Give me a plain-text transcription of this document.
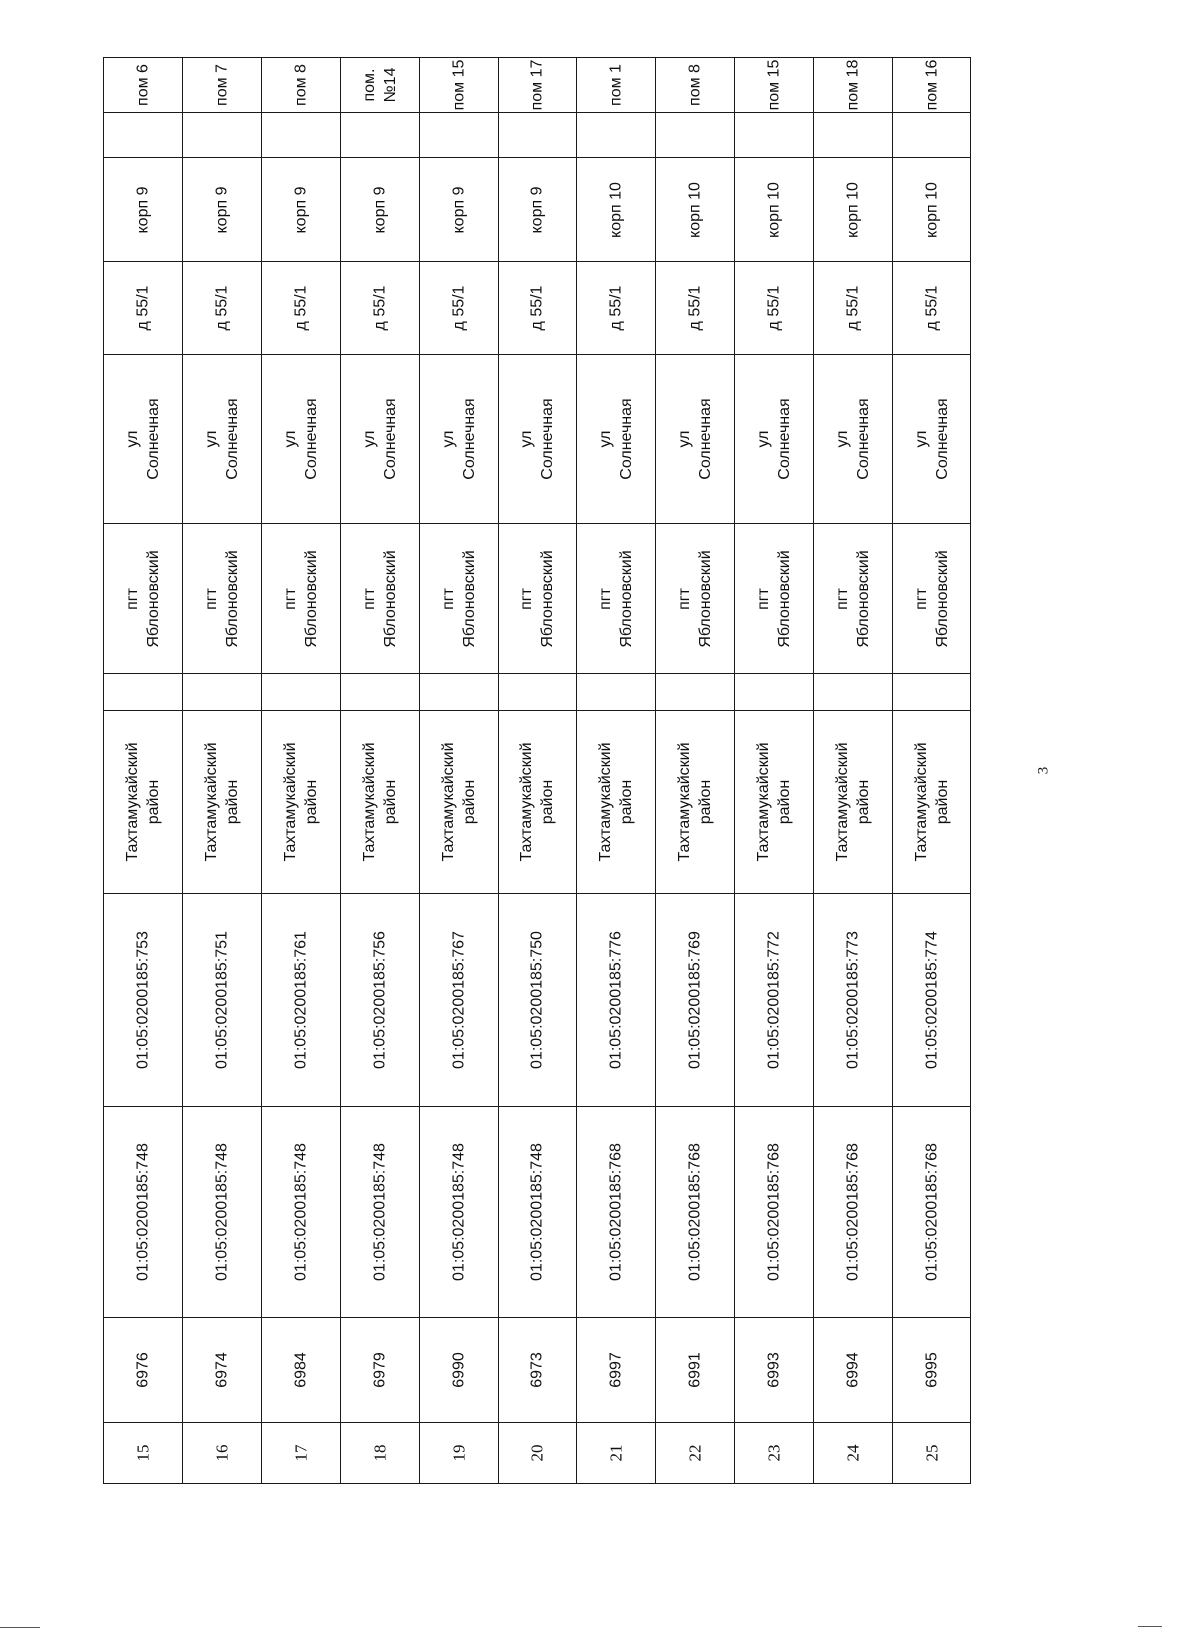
15
6976
01:05:0200185:748
01:05:0200185:753
Тахтамукайский район
пгт Яблоновский
ул Солнечная
д 55/1
корп 9
пом 6
16
6974
01:05:0200185:748
01:05:0200185:751
Тахтамукайский район
пгт Яблоновский
ул Солнечная
д 55/1
корп 9
пом 7
17
6984
01:05:0200185:748
01:05:0200185:761
Тахтамукайский район
пгт Яблоновский
ул Солнечная
д 55/1
корп 9
пом 8
18
6979
01:05:0200185:748
01:05:0200185:756
Тахтамукайский район
пгт Яблоновский
ул Солнечная
д 55/1
корп 9
пом. №14
19
6990
01:05:0200185:748
01:05:0200185:767
Тахтамукайский район
пгт Яблоновский
ул Солнечная
д 55/1
корп 9
пом 15
20
6973
01:05:0200185:748
01:05:0200185:750
Тахтамукайский район
пгт Яблоновский
ул Солнечная
д 55/1
корп 9
пом 17
21
6997
01:05:0200185:768
01:05:0200185:776
Тахтамукайский район
пгт Яблоновский
ул Солнечная
д 55/1
корп 10
пом 1
22
6991
01:05:0200185:768
01:05:0200185:769
Тахтамукайский район
пгт Яблоновский
ул Солнечная
д 55/1
корп 10
пом 8
23
6993
01:05:0200185:768
01:05:0200185:772
Тахтамукайский район
пгт Яблоновский
ул Солнечная
д 55/1
корп 10
пом 15
24
6994
01:05:0200185:768
01:05:0200185:773
Тахтамукайский район
пгт Яблоновский
ул Солнечная
д 55/1
корп 10
пом 18
25
6995
01:05:0200185:768
01:05:0200185:774
Тахтамукайский район
пгт Яблоновский
ул Солнечная
д 55/1
корп 10
пом 16
3
